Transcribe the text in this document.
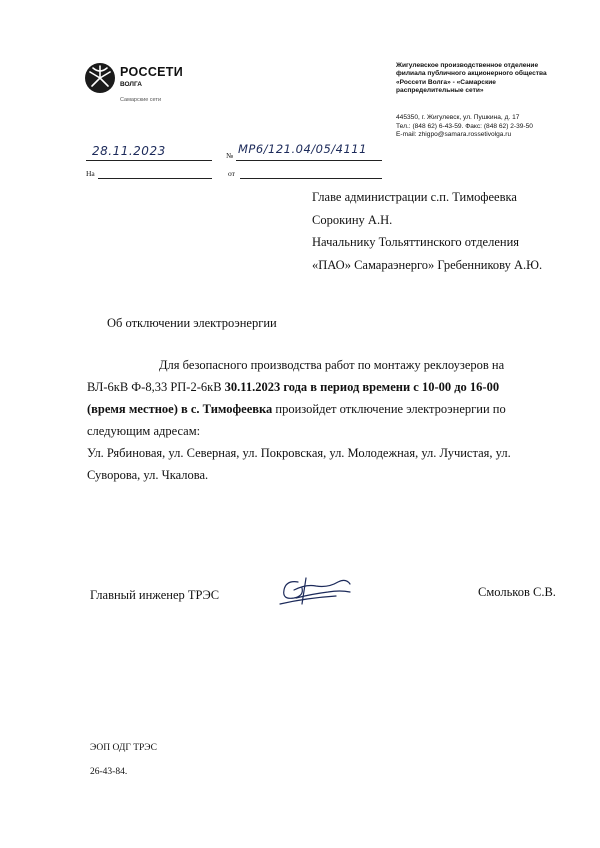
РОССЕТИ
ВОЛГА
Самарские сети
Жигулевское производственное отделение
филиала публичного акционерного общества
«Россети Волга» - «Самарские
распределительные сети»
445350, г. Жигулевск, ул. Пушкина, д. 17
Тел.: (848 62) 6-43-59. Факс: (848 62) 2-39-50
E-mail: zhigpo@samara.rossetivolga.ru
28.11.2023	№ МР6/121.04/05/4111
На	от
Главе администрации с.п. Тимофеевка
Сорокину А.Н.
Начальнику Тольяттинского отделения
«ПАО» Самараэнерго» Гребенникову А.Ю.
Об отключении электроэнергии
Для безопасного производства работ по монтажу реклоузеров на ВЛ-6кВ Ф-8,33 РП-2-6кВ 30.11.2023 года в период времени с 10-00 до 16-00 (время местное) в с. Тимофеевка произойдет отключение электроэнергии по следующим адресам:
Ул. Рябиновая, ул. Северная, ул. Покровская, ул. Молодежная, ул. Лучистая, ул. Суворова, ул. Чкалова.
Главный инженер ТРЭС	Смольков С.В.
ЭОП ОДГ ТРЭС
26-43-84.
